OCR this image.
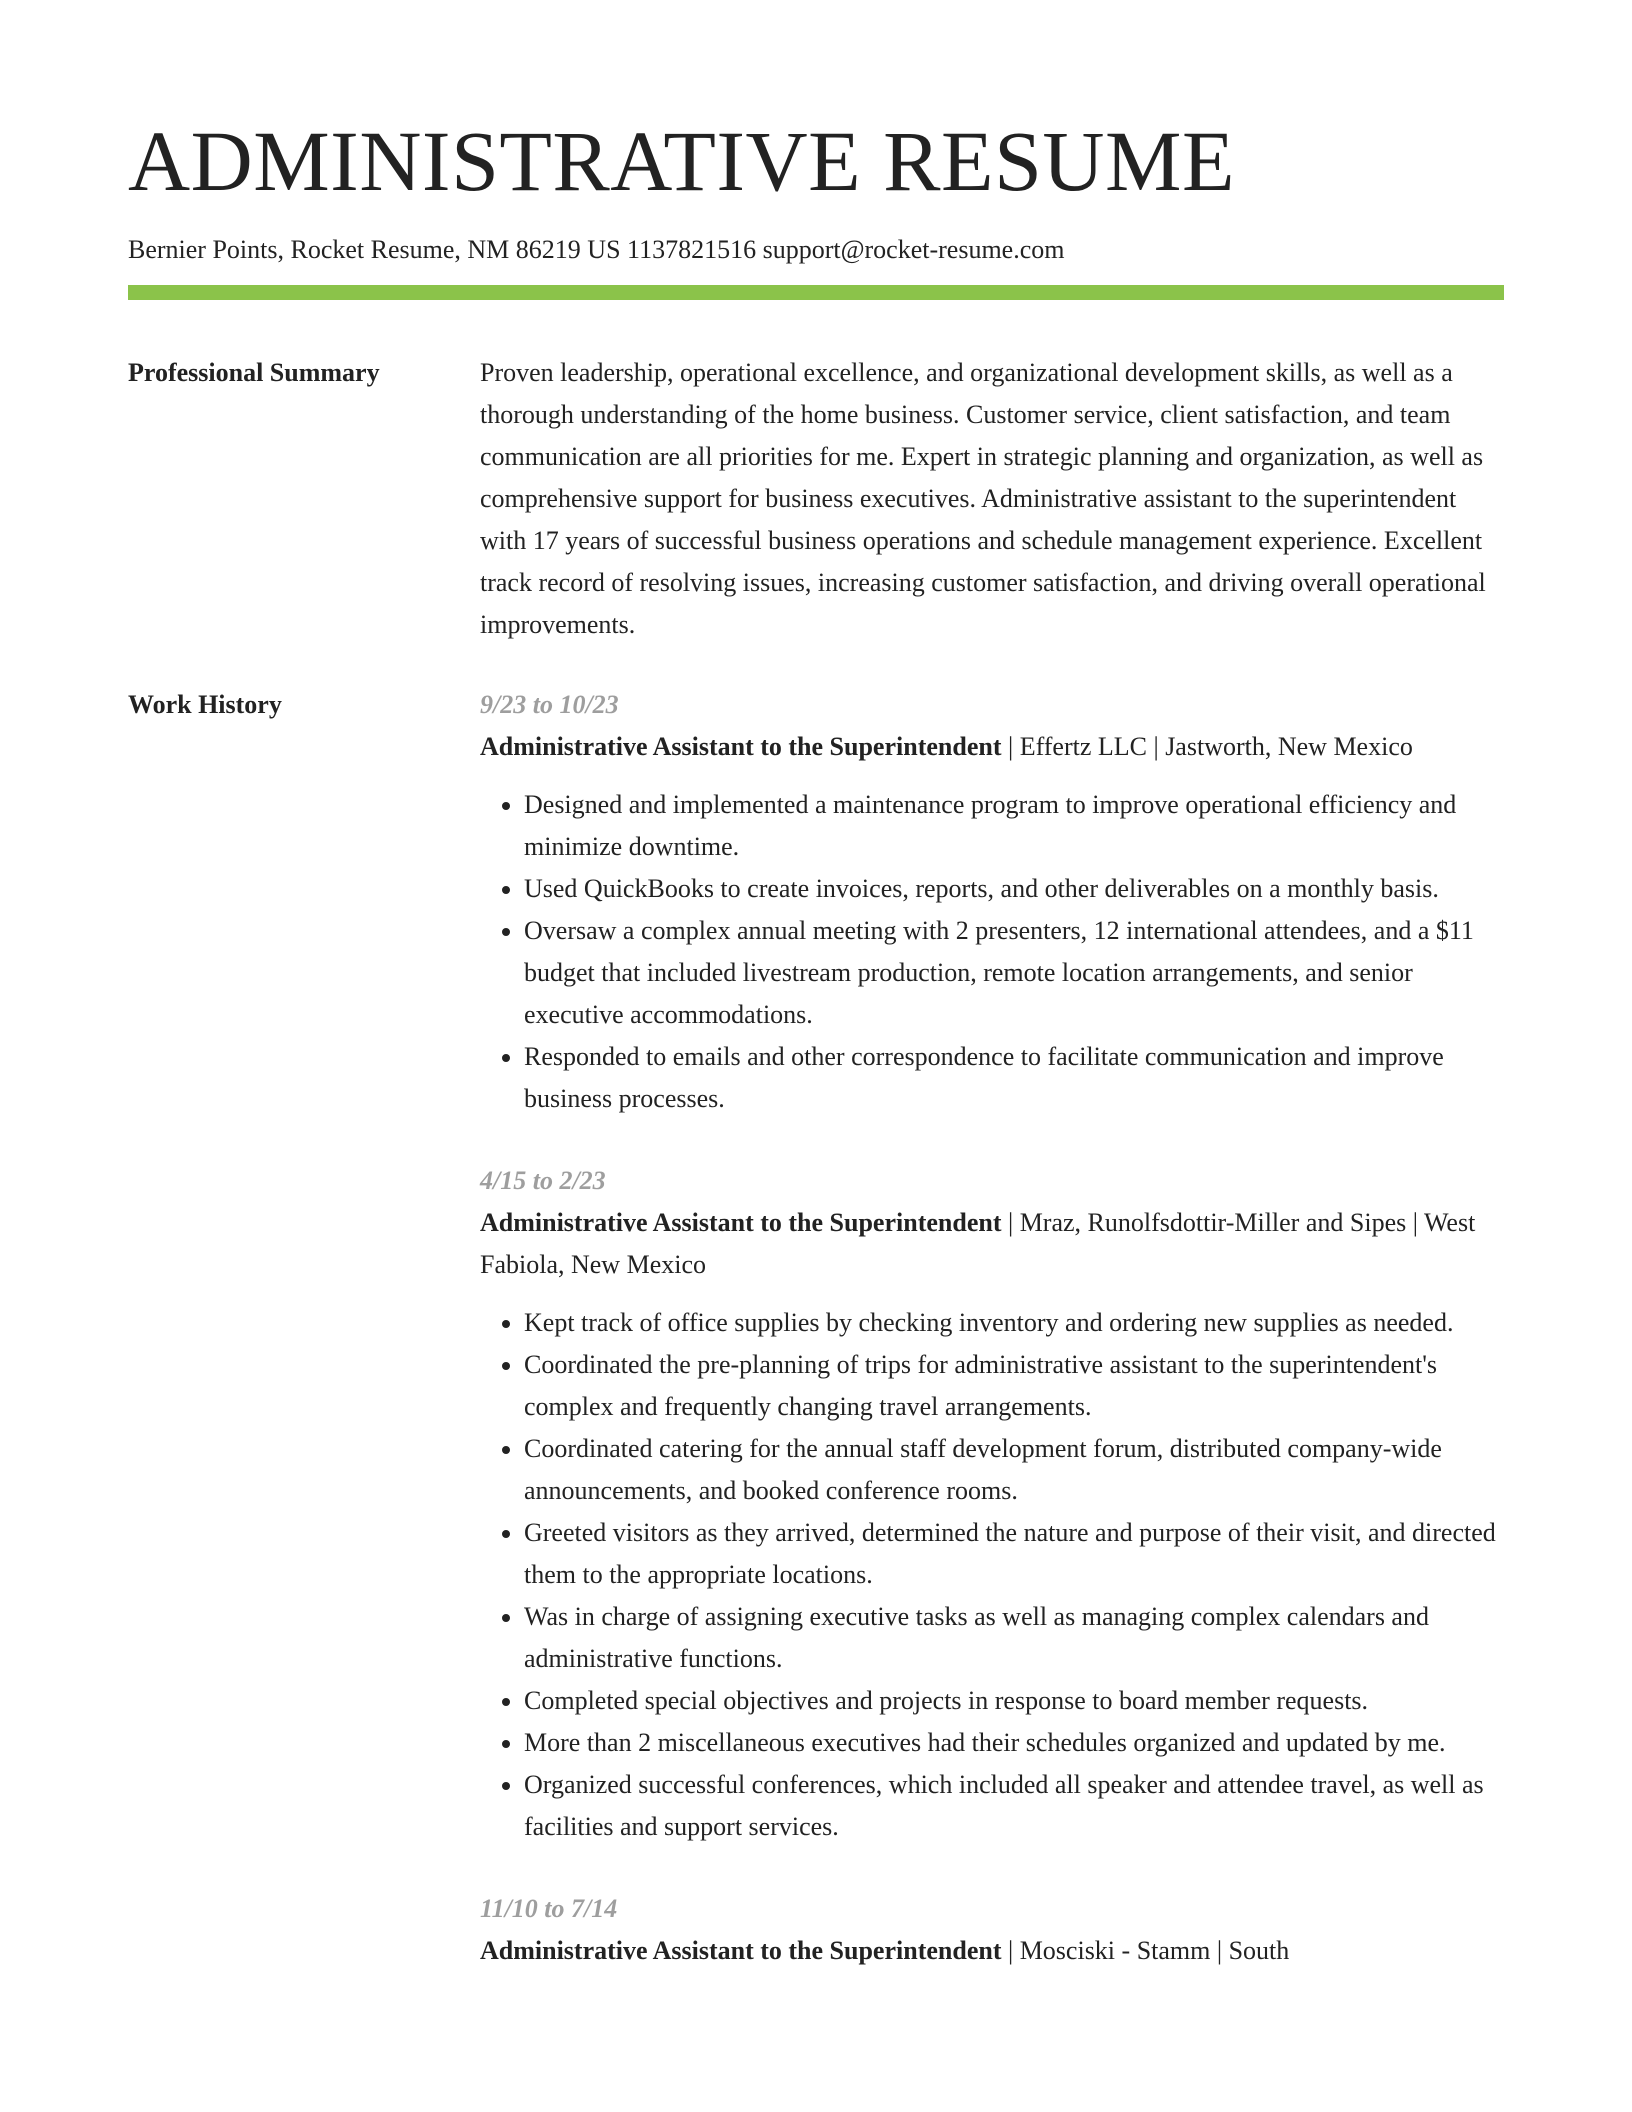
ADMINISTRATIVE RESUME
Bernier Points, Rocket Resume, NM 86219 US 1137821516 support@rocket-resume.com
Professional Summary	Proven leadership, operational excellence, and organizational development skills, as well as a thorough understanding of the home business. Customer service, client satisfaction, and team communication are all priorities for me. Expert in strategic planning and organization, as well as comprehensive support for business executives. Administrative assistant to the superintendent with 17 years of successful business operations and schedule management experience. Excellent track record of resolving issues, increasing customer satisfaction, and driving overall operational improvements.

Work History	9/23 to 10/23
Administrative Assistant to the Superintendent | Effertz LLC | Jastworth, New Mexico
• Designed and implemented a maintenance program to improve operational efficiency and minimize downtime.
• Used QuickBooks to create invoices, reports, and other deliverables on a monthly basis.
• Oversaw a complex annual meeting with 2 presenters, 12 international attendees, and a $11 budget that included livestream production, remote location arrangements, and senior executive accommodations.
• Responded to emails and other correspondence to facilitate communication and improve business processes.
4/15 to 2/23
Administrative Assistant to the Superintendent | Mraz, Runolfsdottir-Miller and Sipes | West Fabiola, New Mexico
• Kept track of office supplies by checking inventory and ordering new supplies as needed.
• Coordinated the pre-planning of trips for administrative assistant to the superintendent's complex and frequently changing travel arrangements.
• Coordinated catering for the annual staff development forum, distributed company-wide announcements, and booked conference rooms.
• Greeted visitors as they arrived, determined the nature and purpose of their visit, and directed them to the appropriate locations.
• Was in charge of assigning executive tasks as well as managing complex calendars and administrative functions.
• Completed special objectives and projects in response to board member requests.
• More than 2 miscellaneous executives had their schedules organized and updated by me.
• Organized successful conferences, which included all speaker and attendee travel, as well as facilities and support services.
11/10 to 7/14
Administrative Assistant to the Superintendent | Mosciski - Stamm | South
